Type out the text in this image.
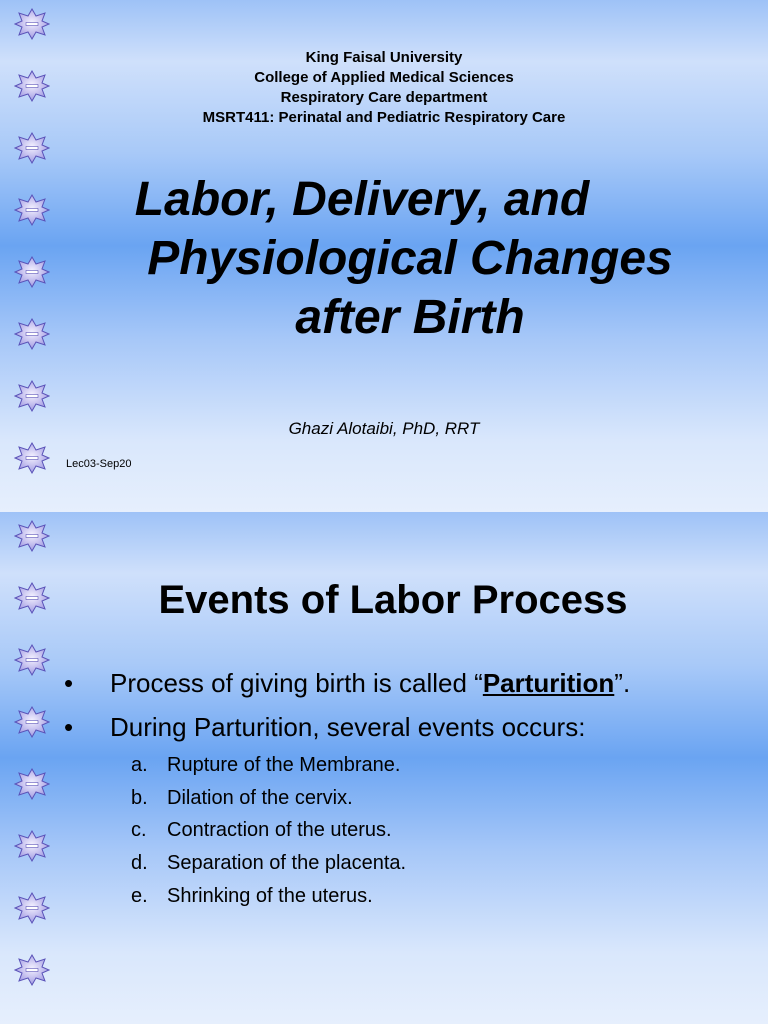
King Faisal University
College of Applied Medical Sciences
Respiratory Care department
MSRT411: Perinatal and Pediatric Respiratory Care
Labor, Delivery, and
Physiological Changes
after Birth
Ghazi Alotaibi, PhD, RRT
Lec03-Sep20
Events of Labor Process
•	Process of giving birth is called “Parturition”.
•	During Parturition, several events occurs:
a. Rupture of the Membrane.
b. Dilation of the cervix.
c.	Contraction of the uterus.
d. Separation of the placenta.
e. Shrinking of the uterus.
